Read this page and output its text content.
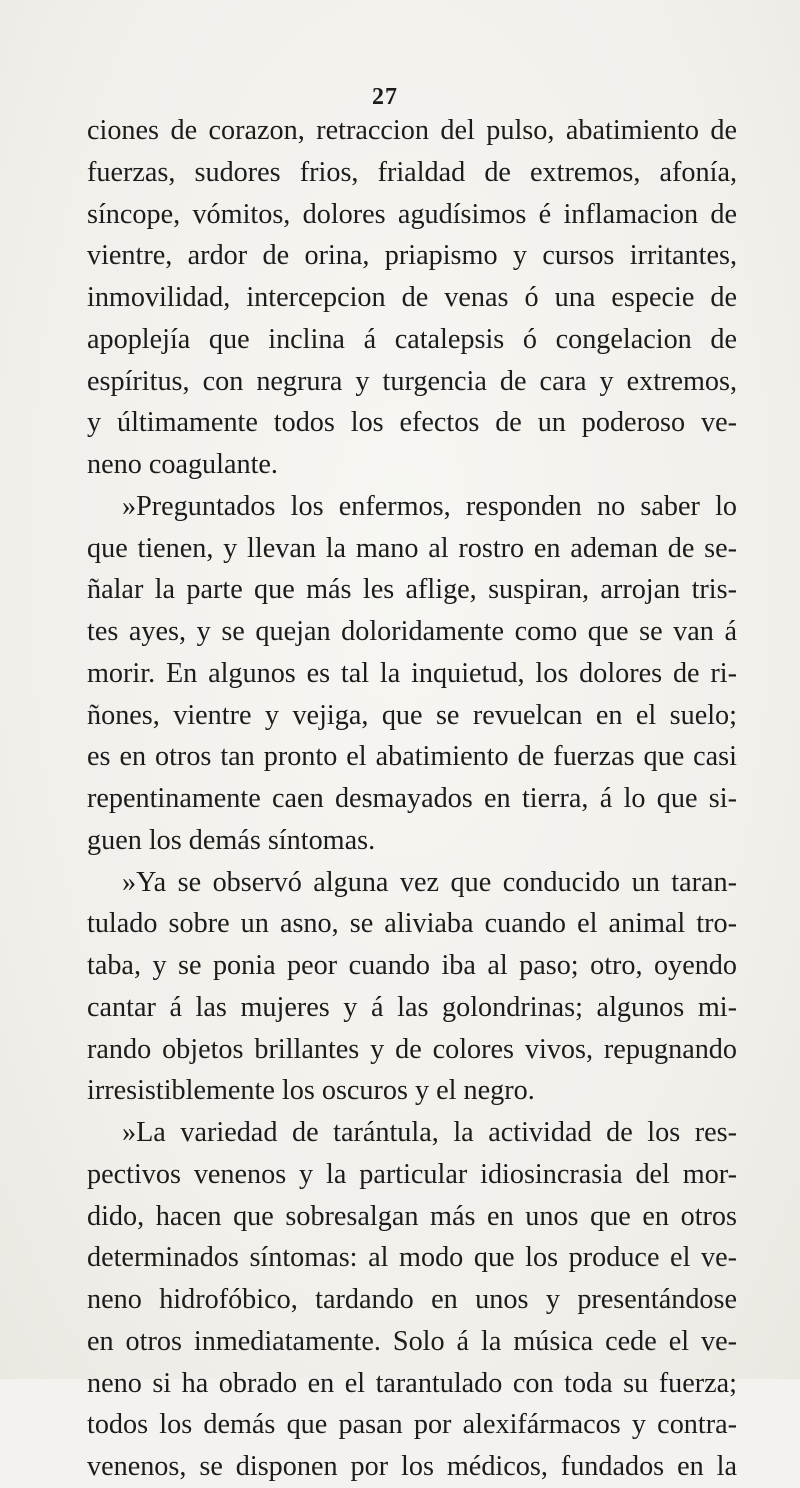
27
ciones de corazon, retraccion del pulso, abatimiento de
fuerzas, sudores frios, frialdad de extremos, afonía,
síncope, vómitos, dolores agudísimos é inflamacion de
vientre, ardor de orina, priapismo y cursos irritantes,
inmovilidad, intercepcion de venas ó una especie de
apoplejía que inclina á catalepsis ó congelacion de
espíritus, con negrura y turgencia de cara y extremos,
y últimamente todos los efectos de un poderoso ve-
neno coagulante.
»Preguntados los enfermos, responden no saber lo
que tienen, y llevan la mano al rostro en ademan de se-
ñalar la parte que más les aflige, suspiran, arrojan tris-
tes ayes, y se quejan doloridamente como que se van á
morir. En algunos es tal la inquietud, los dolores de ri-
ñones, vientre y vejiga, que se revuelcan en el suelo;
es en otros tan pronto el abatimiento de fuerzas que casi
repentinamente caen desmayados en tierra, á lo que si-
guen los demás síntomas.
»Ya se observó alguna vez que conducido un taran-
tulado sobre un asno, se aliviaba cuando el animal tro-
taba, y se ponia peor cuando iba al paso; otro, oyendo
cantar á las mujeres y á las golondrinas; algunos mi-
rando objetos brillantes y de colores vivos, repugnando
irresistiblemente los oscuros y el negro.
»La variedad de tarántula, la actividad de los res-
pectivos venenos y la particular idiosincrasia del mor-
dido, hacen que sobresalgan más en unos que en otros
determinados síntomas: al modo que los produce el ve-
neno hidrofóbico, tardando en unos y presentándose
en otros inmediatamente. Solo á la música cede el ve-
neno si ha obrado en el tarantulado con toda su fuerza;
todos los demás que pasan por alexifármacos y contra-
venenos, se disponen por los médicos, fundados en la
